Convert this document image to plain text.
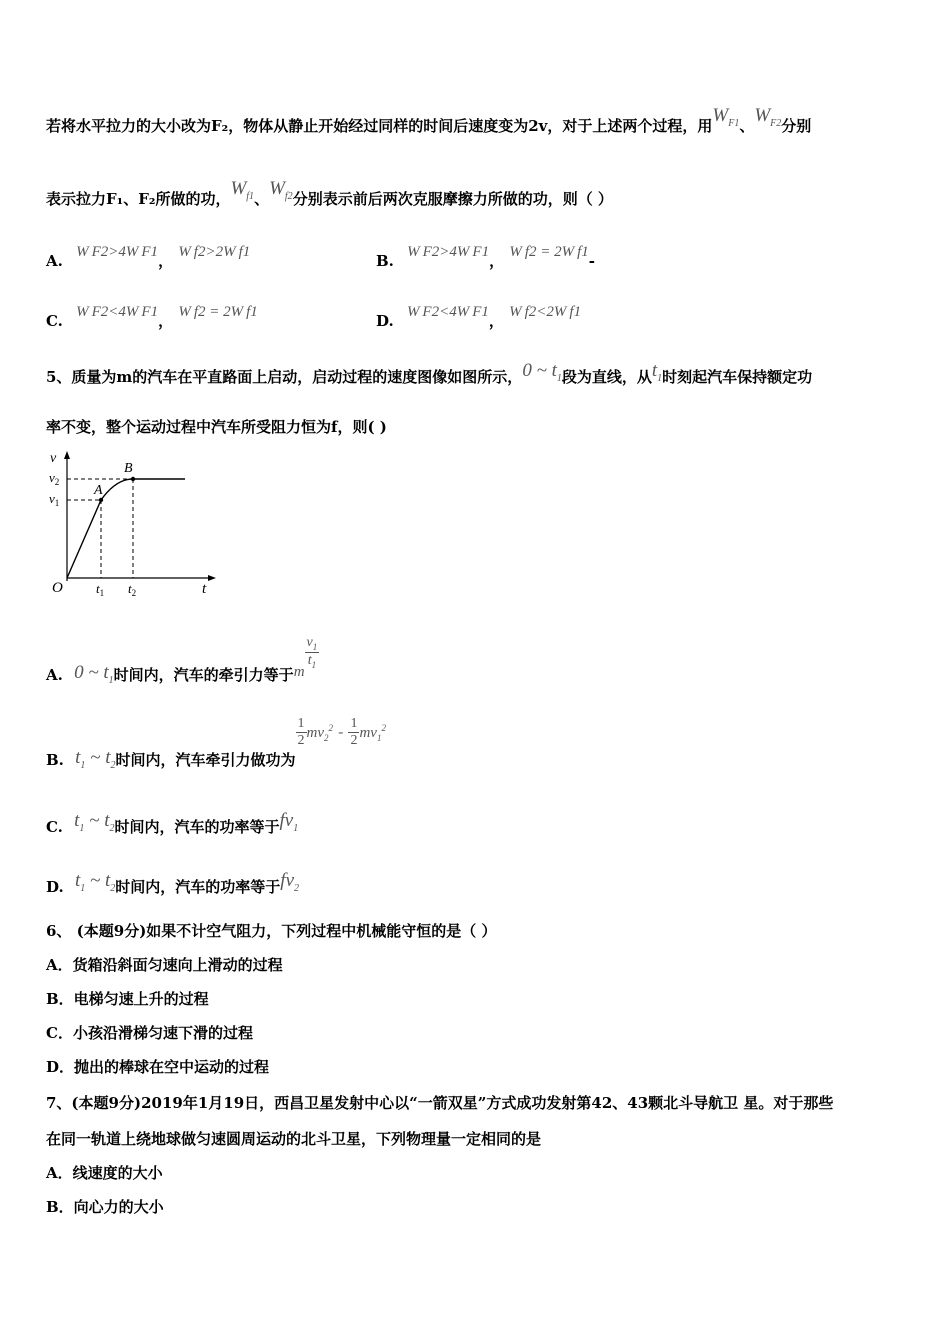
若将水平拉力的大小改为F₂，物体从静止开始经过同样的时间后速度变为2v，对于上述两个过程，用$W_{F1}$、$W_{F2}$分别
表示拉力F₁、F₂所做的功，$W_{f1}$、$W_{f2}$分别表示前后两次克服摩擦力所做的功，则（ ）
A. W F2>4W F1， W f2>2W f1	B. W F2>4W F1， W f2 = 2W f1-
C. W F2<4W F1， W f2 = 2W f1	D. W F2<4W F1， W f2<2W f1
5、质量为m的汽车在平直路面上启动，启动过程的速度图像如图所示，0 ~ $t_1$段为直线，从$t_1$时刻起汽车保持额定功
率不变，整个运动过程中汽车所受阻力恒为f，则( )
v
$v_2$
$v_1$
A
B
O	$t_1$ $t_2$	t
A. 0 ~ $t_1$时间内，汽车的牵引力等于m
$\frac{v_1}{t_1}$
B. $t_1$ ~ $t_2$时间内，汽车牵引力做功为
$\frac{1}{2} mv_2^2 - \frac{1}{2} mv_1^2$
C. $t_1$ ~ $t_2$时间内，汽车的功率等于$fv_1$
D. $t_1$ ~ $t_2$时间内，汽车的功率等于$fv_2$
6、 (本题9分)如果不计空气阻力，下列过程中机械能守恒的是（ ）
A．货箱沿斜面匀速向上滑动的过程
B．电梯匀速上升的过程
C．小孩沿滑梯匀速下滑的过程
D．抛出的棒球在空中运动的过程
7、(本题9分)2019年1月19日，西昌卫星发射中心以“一箭双星”方式成功发射第42、43颗北斗导航卫 星。对于那些
在同一轨道上绕地球做匀速圆周运动的北斗卫星，下列物理量一定相同的是
A．线速度的大小
B．向心力的大小
